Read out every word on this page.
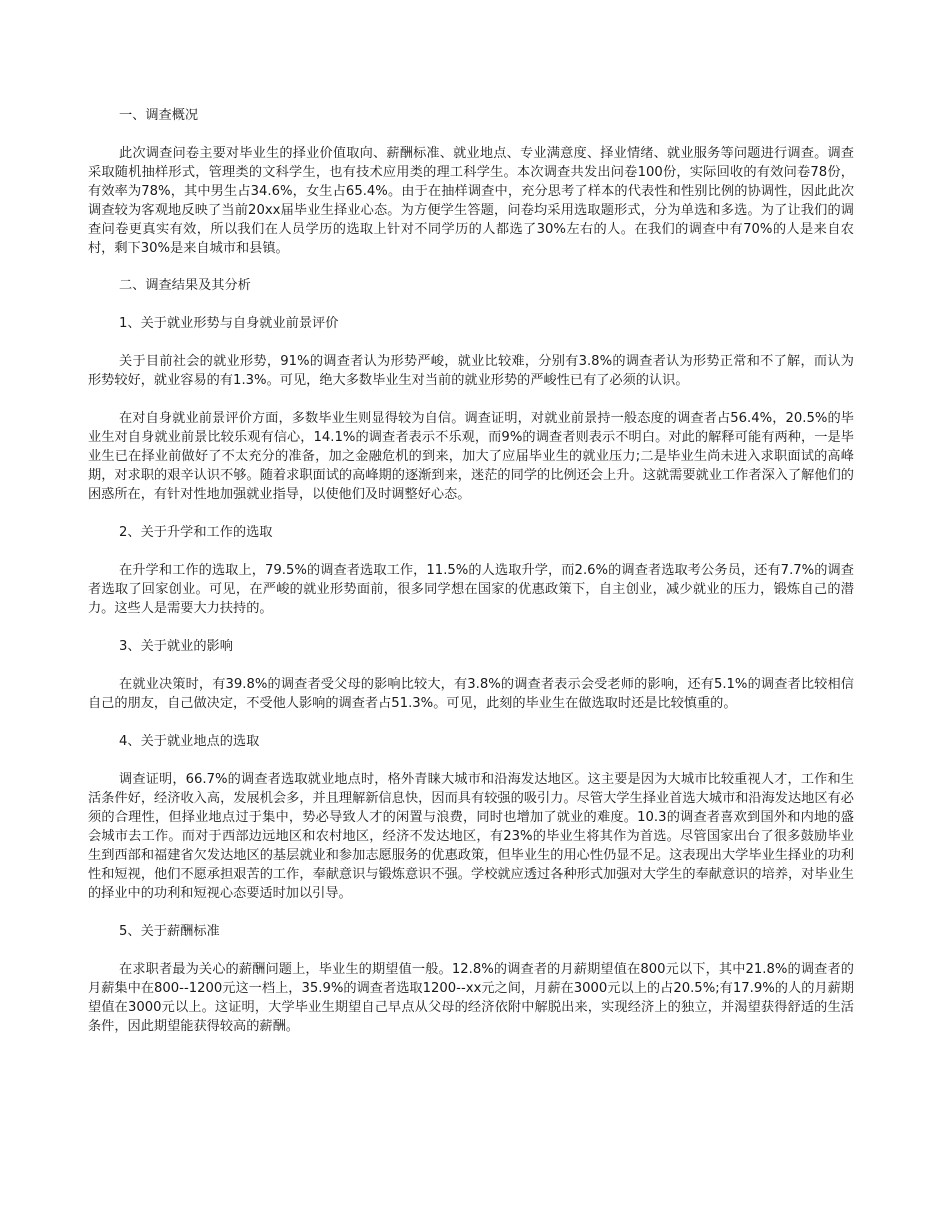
一、调查概况
此次调查问卷主要对毕业生的择业价值取向、薪酬标准、就业地点、专业满意度、择业情绪、就业服务等问题进行调查。调查采取随机抽样形式，管理类的文科学生，也有技术应用类的理工科学生。本次调查共发出问卷100份，实际回收的有效问卷78份，有效率为78%，其中男生占34.6%，女生占65.4%。由于在抽样调查中，充分思考了样本的代表性和性别比例的协调性，因此此次调查较为客观地反映了当前20xx届毕业生择业心态。为方便学生答题，问卷均采用选取题形式，分为单选和多选。为了让我们的调查问卷更真实有效，所以我们在人员学历的选取上针对不同学历的人都选了30%左右的人。在我们的调查中有70%的人是来自农村，剩下30%是来自城市和县镇。
二、调查结果及其分析
1、关于就业形势与自身就业前景评价
关于目前社会的就业形势，91%的调查者认为形势严峻，就业比较难，分别有3.8%的调查者认为形势正常和不了解，而认为形势较好，就业容易的有1.3%。可见，绝大多数毕业生对当前的就业形势的严峻性已有了必须的认识。
在对自身就业前景评价方面，多数毕业生则显得较为自信。调查证明，对就业前景持一般态度的调查者占56.4%，20.5%的毕业生对自身就业前景比较乐观有信心，14.1%的调查者表示不乐观，而9%的调查者则表示不明白。对此的解释可能有两种，一是毕业生已在择业前做好了不太充分的准备，加之金融危机的到来，加大了应届毕业生的就业压力;二是毕业生尚未进入求职面试的高峰期，对求职的艰辛认识不够。随着求职面试的高峰期的逐渐到来，迷茫的同学的比例还会上升。这就需要就业工作者深入了解他们的困惑所在，有针对性地加强就业指导，以使他们及时调整好心态。
2、关于升学和工作的选取
在升学和工作的选取上，79.5%的调查者选取工作，11.5%的人选取升学，而2.6%的调查者选取考公务员，还有7.7%的调查者选取了回家创业。可见，在严峻的就业形势面前，很多同学想在国家的优惠政策下，自主创业，减少就业的压力，锻炼自己的潜力。这些人是需要大力扶持的。
3、关于就业的影响
在就业决策时，有39.8%的调查者受父母的影响比较大，有3.8%的调查者表示会受老师的影响，还有5.1%的调查者比较相信自己的朋友，自己做决定，不受他人影响的调查者占51.3%。可见，此刻的毕业生在做选取时还是比较慎重的。
4、关于就业地点的选取
调查证明，66.7%的调查者选取就业地点时，格外青睐大城市和沿海发达地区。这主要是因为大城市比较重视人才，工作和生活条件好，经济收入高，发展机会多，并且理解新信息快，因而具有较强的吸引力。尽管大学生择业首选大城市和沿海发达地区有必须的合理性，但择业地点过于集中，势必导致人才的闲置与浪费，同时也增加了就业的难度。10.3的调查者喜欢到国外和内地的盛会城市去工作。而对于西部边远地区和农村地区，经济不发达地区，有23%的毕业生将其作为首选。尽管国家出台了很多鼓励毕业生到西部和福建省欠发达地区的基层就业和参加志愿服务的优惠政策，但毕业生的用心性仍显不足。这表现出大学毕业生择业的功利性和短视，他们不愿承担艰苦的工作，奉献意识与锻炼意识不强。学校就应透过各种形式加强对大学生的奉献意识的培养，对毕业生的择业中的功利和短视心态要适时加以引导。
5、关于薪酬标准
在求职者最为关心的薪酬问题上，毕业生的期望值一般。12.8%的调查者的月薪期望值在800元以下，其中21.8%的调查者的月薪集中在800--1200元这一档上，35.9%的调查者选取1200--xx元之间，月薪在3000元以上的占20.5%;有17.9%的人的月薪期望值在3000元以上。这证明，大学毕业生期望自己早点从父母的经济依附中解脱出来，实现经济上的独立，并渴望获得舒适的生活条件，因此期望能获得较高的薪酬。
